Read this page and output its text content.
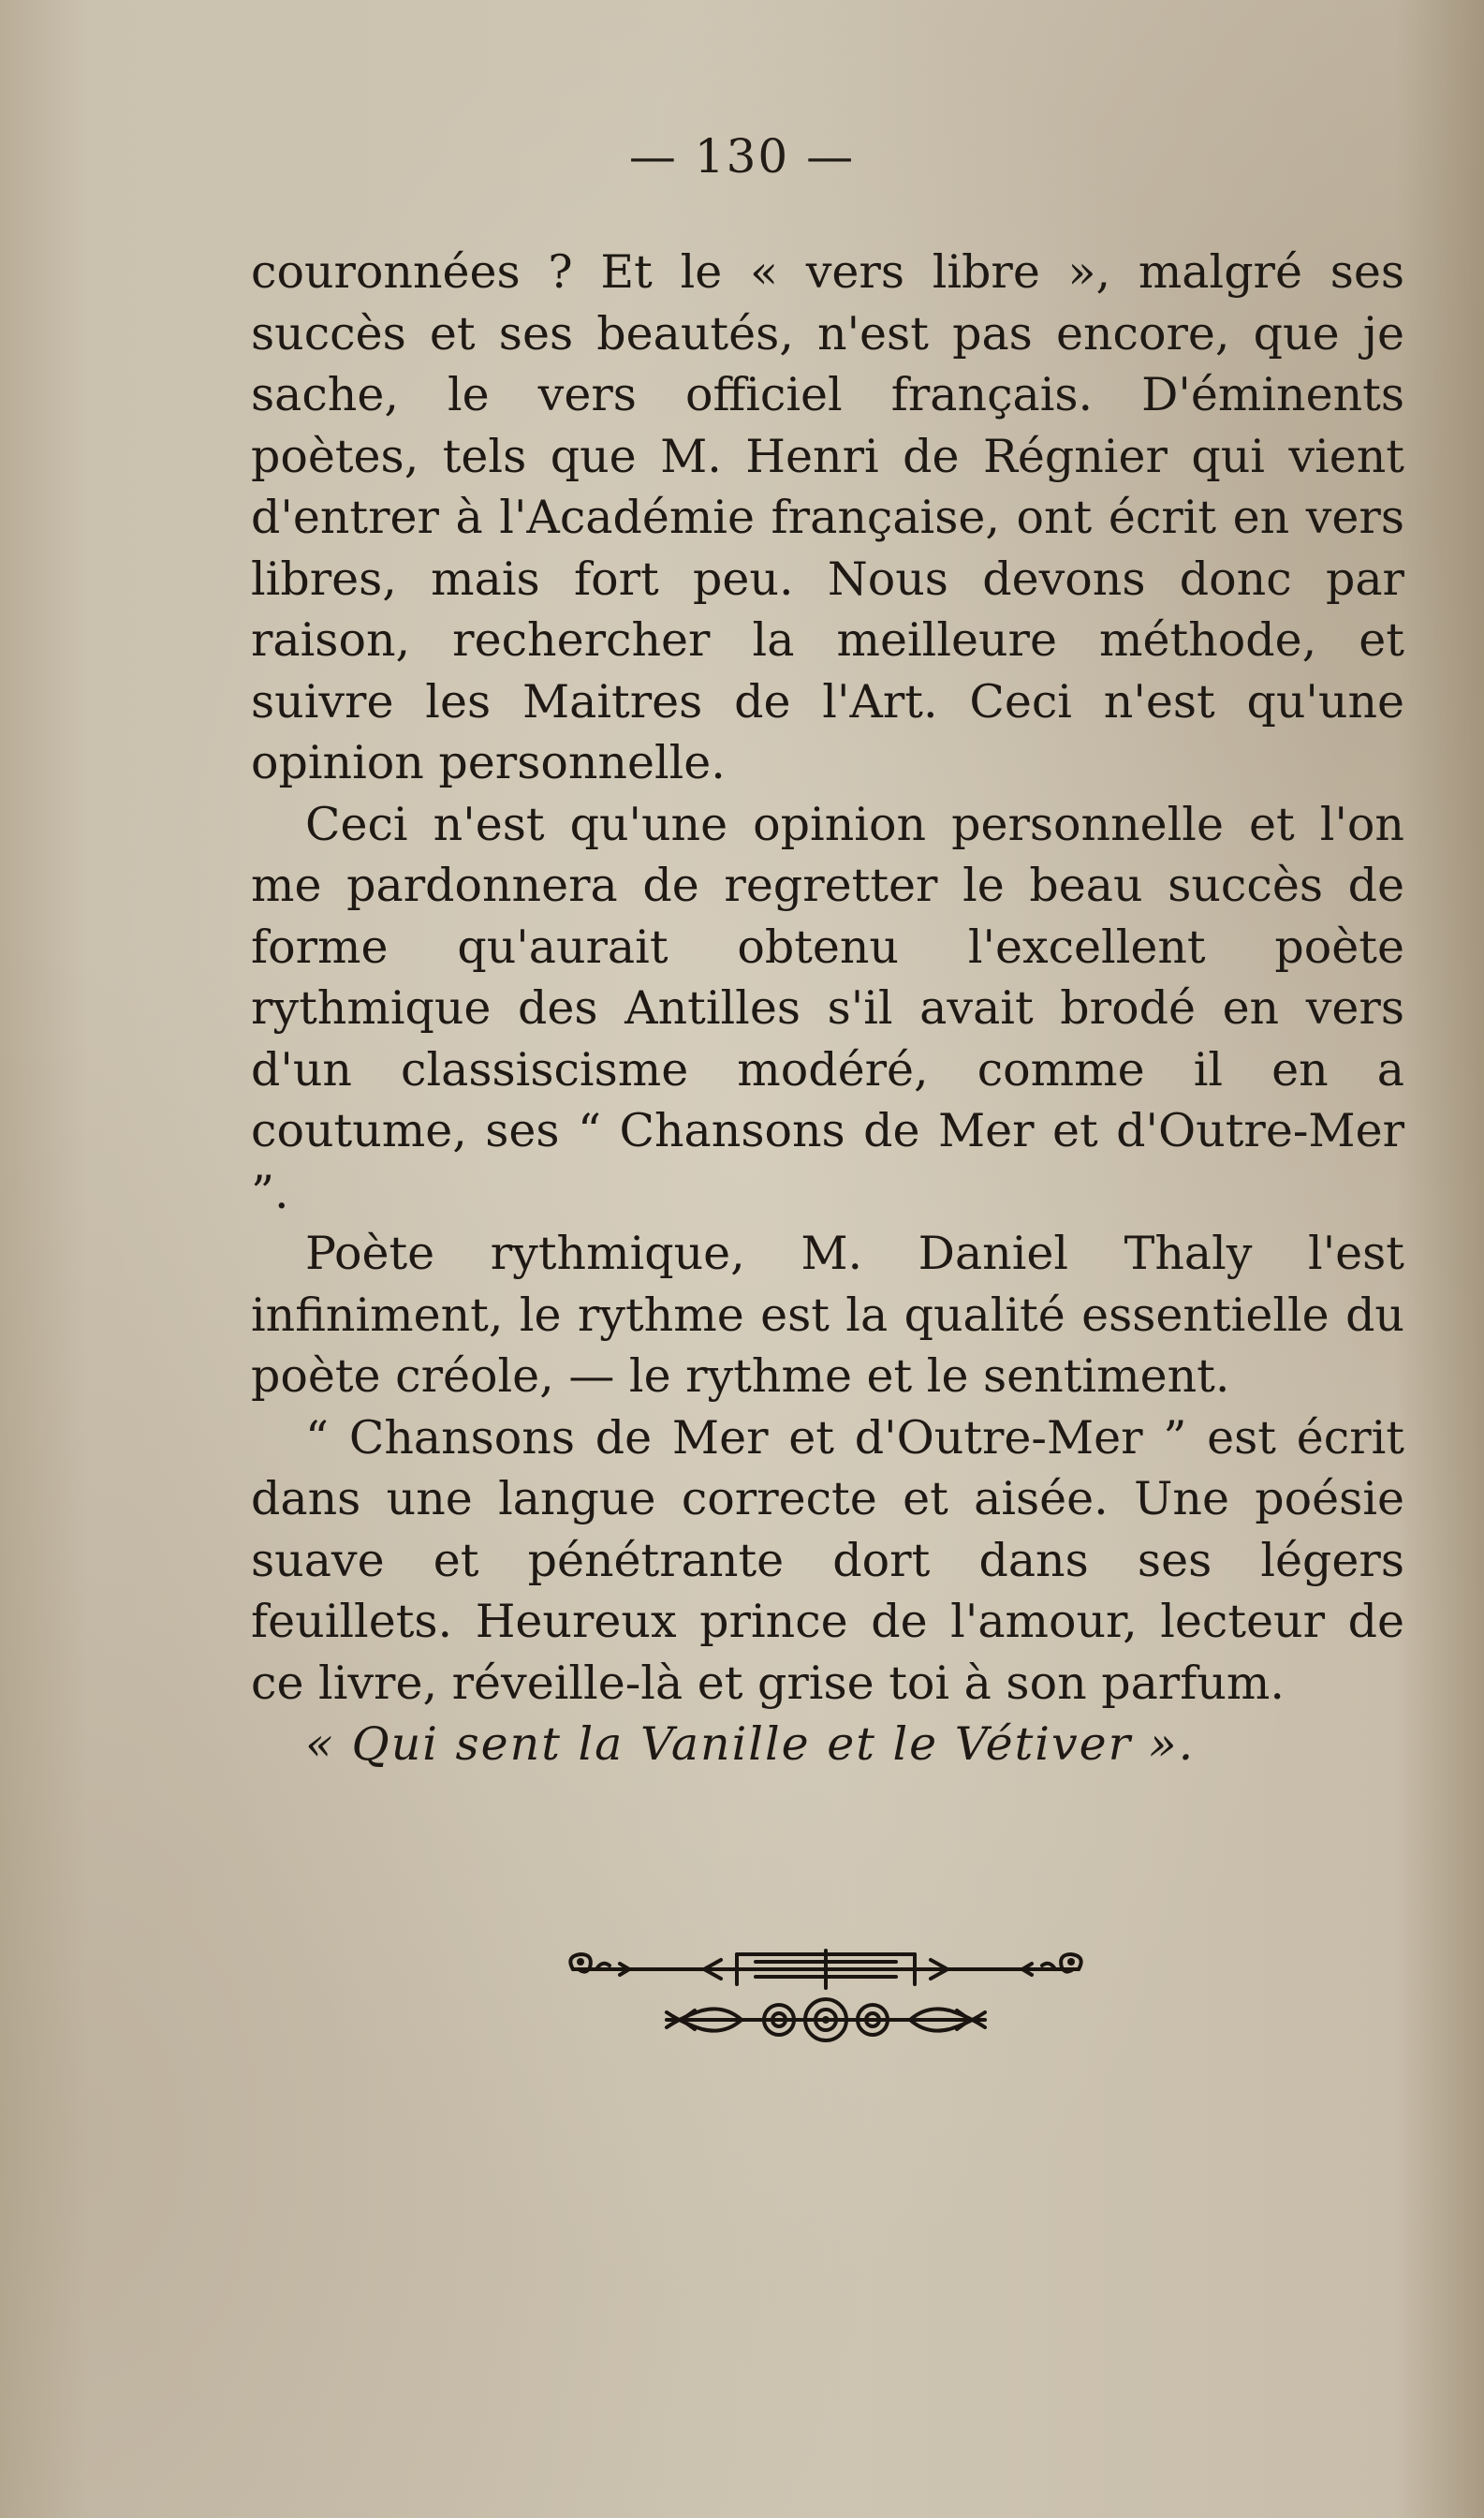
— 130 —

couronnées ? Et le « vers libre », malgré ses succès et ses beautés, n'est pas encore, que je sache, le vers officiel français. D'éminents poètes, tels que M. Henri de Régnier qui vient d'entrer à l'Académie française, ont écrit en vers libres, mais fort peu. Nous devons donc par raison, rechercher la meilleure méthode, et suivre les Maitres de l'Art. Ceci n'est qu'une opinion personnelle.

Ceci n'est qu'une opinion personnelle et l'on me pardonnera de regretter le beau succès de forme qu'aurait obtenu l'excellent poète rythmique des Antilles s'il avait brodé en vers d'un classiscisme modéré, comme il en a coutume, ses “ Chansons de Mer et d'Outre-Mer ”.

Poète rythmique, M. Daniel Thaly l'est infiniment, le rythme est la qualité essentielle du poète créole, — le rythme et le sentiment.

“ Chansons de Mer et d'Outre-Mer ” est écrit dans une langue correcte et aisée. Une poésie suave et pénétrante dort dans ses légers feuillets. Heureux prince de l'amour, lecteur de ce livre, réveille-là et grise toi à son parfum.

« Qui sent la Vanille et le Vétiver ».
